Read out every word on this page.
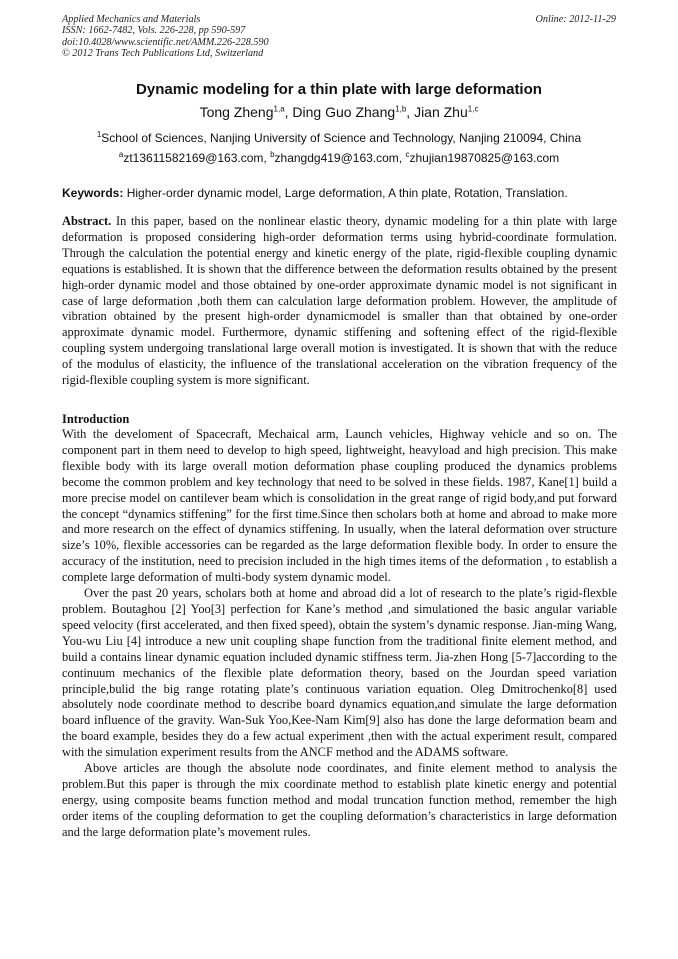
Applied Mechanics and Materials
ISSN: 1662-7482, Vols. 226-228, pp 590-597
doi:10.4028/www.scientific.net/AMM.226-228.590
© 2012 Trans Tech Publications Ltd, Switzerland
Online: 2012-11-29
Dynamic modeling for a thin plate with large deformation
Tong Zheng$^{1,a}$, Ding Guo Zhang$^{1,b}$, Jian Zhu$^{1,c}$
$^1$School of Sciences, Nanjing University of Science and Technology, Nanjing 210094, China
$^a$zt13611582169@163.com, $^b$zhangdg419@163.com, $^c$zhujian19870825@163.com
Keywords: Higher-order dynamic model, Large deformation, A thin plate, Rotation, Translation.

Abstract. In this paper, based on the nonlinear elastic theory, dynamic modeling for a thin plate with large deformation is proposed considering high-order deformation terms using hybrid-coordinate formulation. Through the calculation the potential energy and kinetic energy of the plate, rigid-flexible coupling dynamic equations is established. It is shown that the difference between the deformation results obtained by the present high-order dynamic model and those obtained by one-order approximate dynamic model is not significant in case of large deformation ,both them can calculation large deformation problem. However, the amplitude of vibration obtained by the present high-order dynamicmodel is smaller than that obtained by one-order approximate dynamic model. Furthermore, dynamic stiffening and softening effect of the rigid-flexible coupling system undergoing translational large overall motion is investigated. It is shown that with the reduce of the modulus of elasticity, the influence of the translational acceleration on the vibration frequency of the rigid-flexible coupling system is more significant.

Introduction

With the develoment of Spacecraft, Mechaical arm, Launch vehicles, Highway vehicle and so on. The component part in them need to develop to high speed, lightweight, heavyload and high precision. This make flexible body with its large overall motion deformation phase coupling produced the dynamics problems become the common problem and key technology that need to be solved in these fields. 1987, Kane[1] build a more precise model on cantilever beam which is consolidation in the great range of rigid body,and put forward the concept “dynamics stiffening” for the first time.Since then scholars both at home and abroad to make more and more research on the effect of dynamics stiffening. In usually, when the lateral deformation over structure size’s 10%, flexible accessories can be regarded as the large deformation flexible body. In order to ensure the accuracy of the institution, need to precision included in the high times items of the deformation , to establish a complete large deformation of multi-body system dynamic model.

Over the past 20 years, scholars both at home and abroad did a lot of research to the plate’s rigid-flexble problem. Boutaghou [2] Yoo[3] perfection for Kane’s method ,and simulationed the basic angular variable speed velocity (first accelerated, and then fixed speed), obtain the system’s dynamic response. Jian-ming Wang, You-wu Liu [4] introduce a new unit coupling shape function from the traditional finite element method, and build a contains linear dynamic equation included dynamic stiffness term. Jia-zhen Hong [5-7]according to the continuum mechanics of the flexible plate deformation theory, based on the Jourdan speed variation principle,bulid the big range rotating plate’s continuous variation equation. Oleg Dmitrochenko[8] used absolutely node coordinate method to describe board dynamics equation,and simulate the large deformation board influence of the gravity. Wan-Suk Yoo,Kee-Nam Kim[9] also has done the large deformation beam and the board example, besides they do a few actual experiment ,then with the actual experiment result, compared with the simulation experiment results from the ANCF method and the ADAMS software.

Above articles are though the absolute node coordinates, and finite element method to analysis the problem.But this paper is through the mix coordinate method to establish plate kinetic energy and potential energy, using composite beams function method and modal truncation function method, remember the high order items of the coupling deformation to get the coupling deformation’s characteristics in large deformation and the large deformation plate’s movement rules.
